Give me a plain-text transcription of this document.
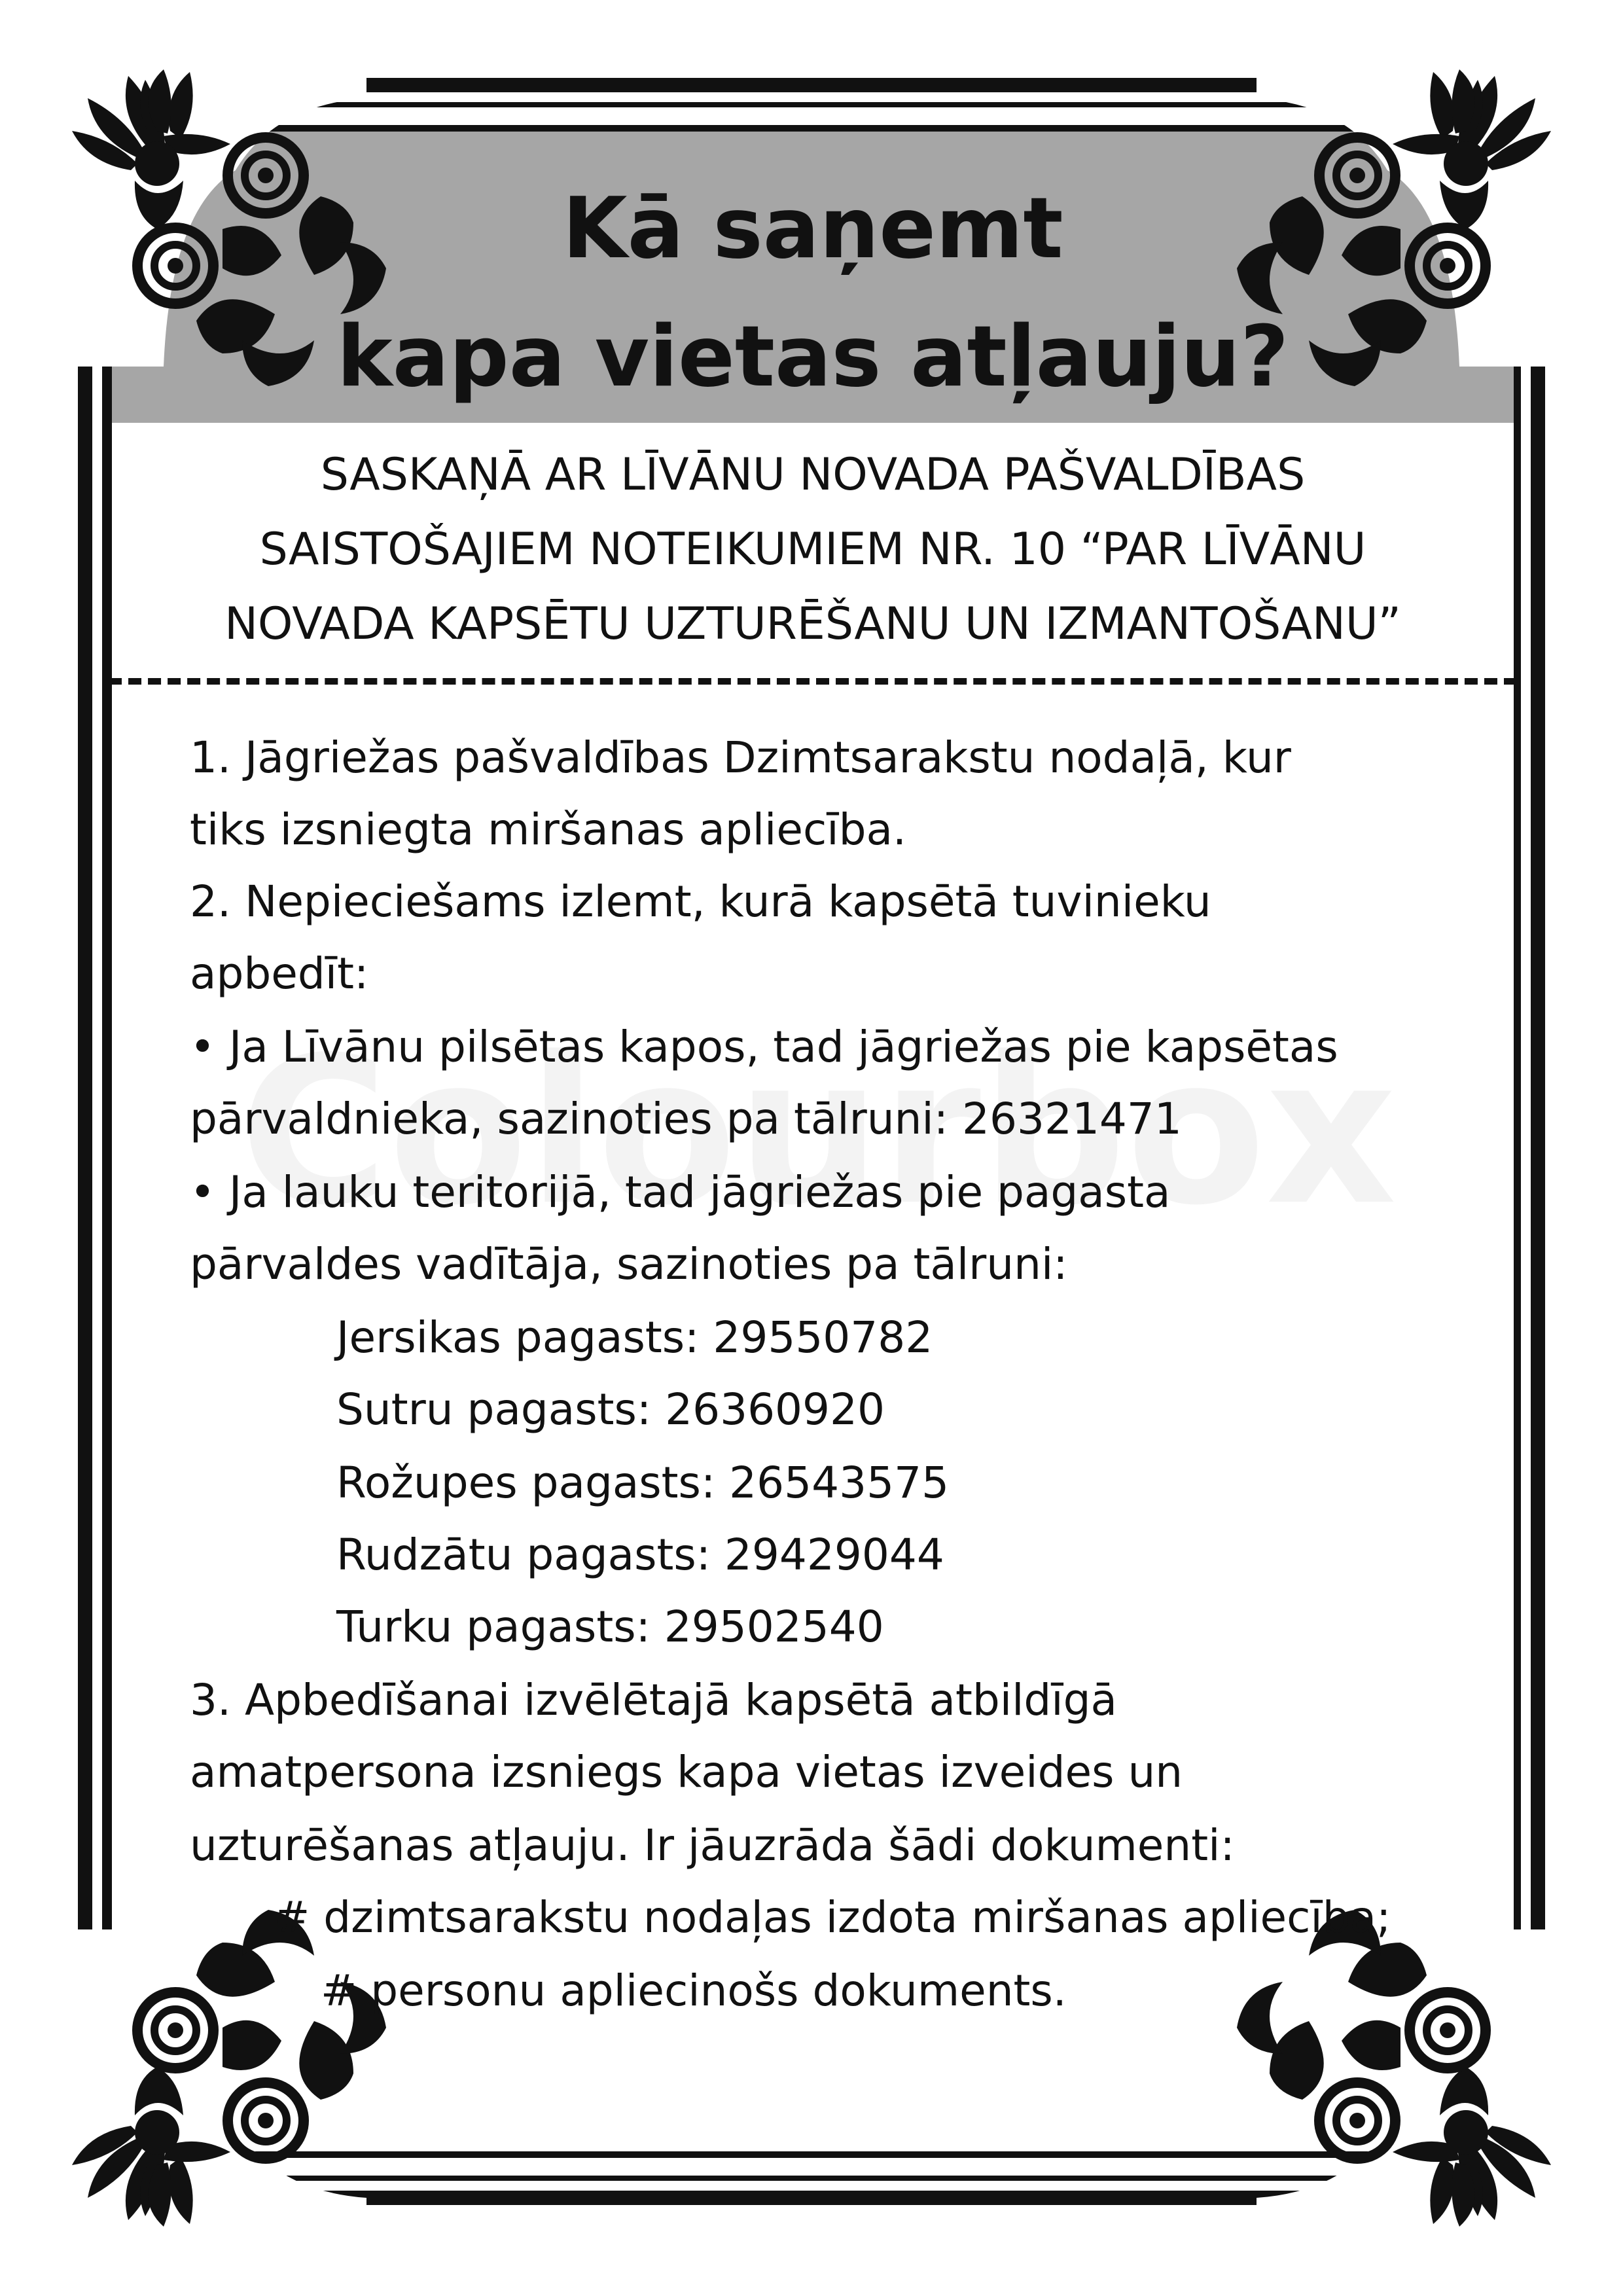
Kā saņemt
kapa vietas atļauju?
SASKAŅĀ AR LĪVĀNU NOVADA PAŠVALDĪBAS
SAISTOŠAJIEM NOTEIKUMIEM NR. 10 “PAR LĪVĀNU
NOVADA KAPSĒTU UZTURĒŠANU UN IZMANTOŠANU”
1. Jāgriežas pašvaldības Dzimtsarakstu nodaļā, kur
tiks izsniegta miršanas apliecība.
2. Nepieciešams izlemt, kurā kapsētā tuvinieku
apbedīt:
• Ja Līvānu pilsētas kapos, tad jāgriežas pie kapsētas
pārvaldnieka, sazinoties pa tālruni: 26321471
• Ja lauku teritorijā, tad jāgriežas pie pagasta
pārvaldes vadītāja, sazinoties pa tālruni:
Jersikas pagasts: 29550782
Sutru pagasts: 26360920
Rožupes pagasts: 26543575
Rudzātu pagasts: 29429044
Turku pagasts: 29502540
3. Apbedīšanai izvēlētajā kapsētā atbildīgā
amatpersona izsniegs kapa vietas izveides un
uzturēšanas atļauju. Ir jāuzrāda šādi dokumenti:
# dzimtsarakstu nodaļas izdota miršanas apliecība;
# personu apliecinošs dokuments.
